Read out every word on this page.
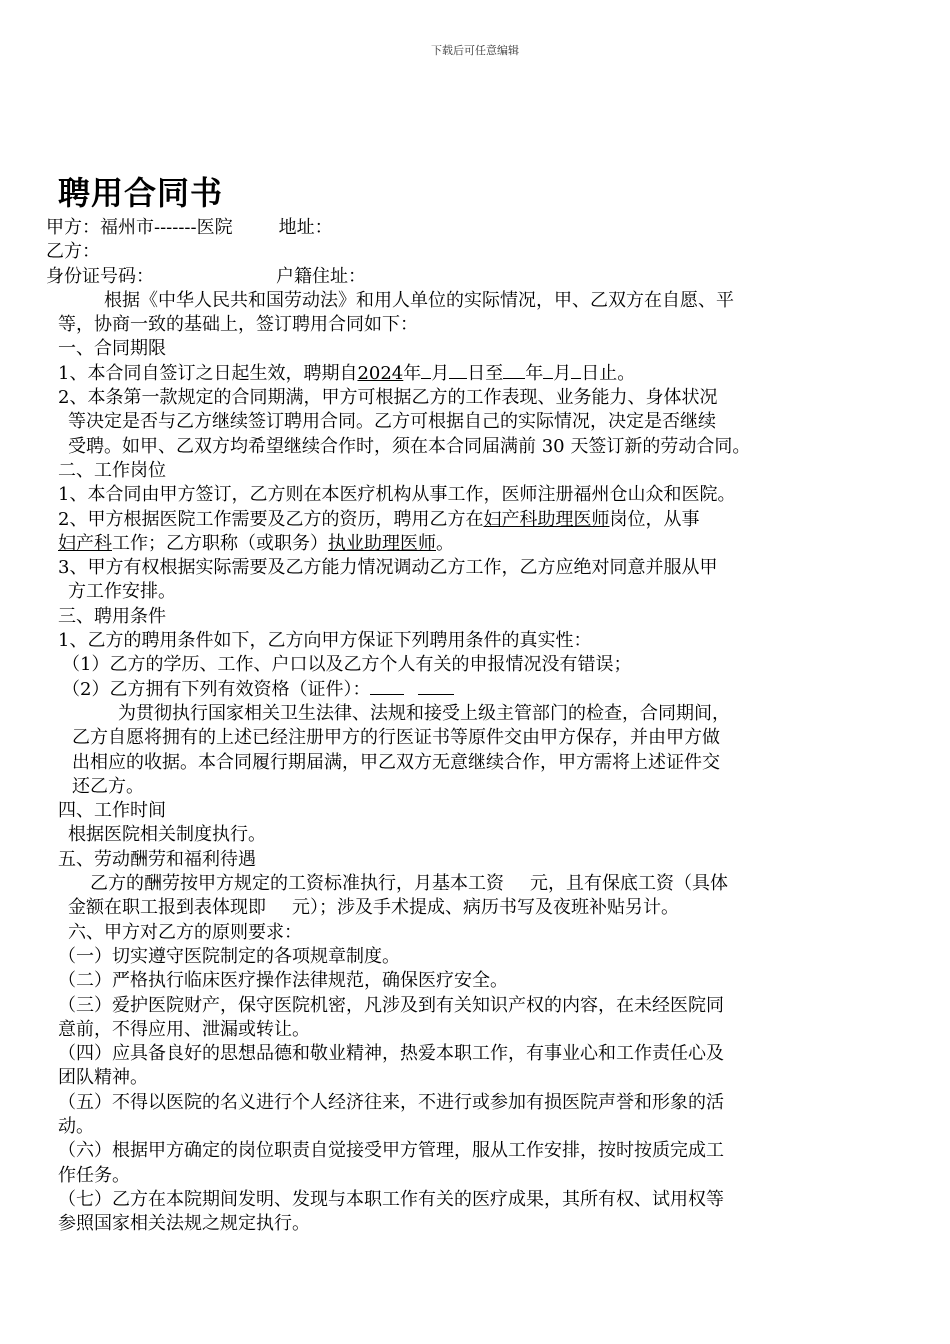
下载后可任意编辑
聘用合同书

甲方：福州市-------医院	地址：

乙方：

身份证号码：	户籍住址：

根据《中华人民共和国劳动法》和用人单位的实际情况，甲、乙双方在自愿、平

等，协商一致的基础上，签订聘用合同如下：

一、合同期限

1、本合同自签订之日起生效，聘期自2024年 月 日至 年 月 日止。

2、本条第一款规定的合同期满，甲方可根据乙方的工作表现、业务能力、身体状况

等决定是否与乙方继续签订聘用合同。乙方可根据自己的实际情况，决定是否继续

受聘。如甲、乙双方均希望继续合作时，须在本合同届满前 30 天签订新的劳动合同。

二、工作岗位

1、本合同由甲方签订，乙方则在本医疗机构从事工作，医师注册福州仓山众和医院。

2、甲方根据医院工作需要及乙方的资历，聘用乙方在妇产科助理医师岗位，从事

妇产科工作；乙方职称（或职务）执业助理医师。

3、甲方有权根据实际需要及乙方能力情况调动乙方工作，乙方应绝对同意并服从甲

方工作安排。

三、聘用条件

1、乙方的聘用条件如下，乙方向甲方保证下列聘用条件的真实性：

（1）乙方的学历、工作、户口以及乙方个人有关的申报情况没有错误；

（2）乙方拥有下列有效资格（证件）：

为贯彻执行国家相关卫生法律、法规和接受上级主管部门的检查，合同期间，

乙方自愿将拥有的上述已经注册甲方的行医证书等原件交由甲方保存，并由甲方做

出相应的收据。本合同履行期届满，甲乙双方无意继续合作，甲方需将上述证件交

还乙方。

四、工作时间

根据医院相关制度执行。

五、劳动酬劳和福利待遇

乙方的酬劳按甲方规定的工资标准执行，月基本工资 元，且有保底工资（具体

金额在职工报到表体现即 元）；涉及手术提成、病历书写及夜班补贴另计。

六、甲方对乙方的原则要求：

（一）切实遵守医院制定的各项规章制度。

（二）严格执行临床医疗操作法律规范，确保医疗安全。

（三）爱护医院财产，保守医院机密，凡涉及到有关知识产权的内容，在未经医院同

意前，不得应用、泄漏或转让。

（四）应具备良好的思想品德和敬业精神，热爱本职工作，有事业心和工作责任心及

团队精神。

（五）不得以医院的名义进行个人经济往来，不进行或参加有损医院声誉和形象的活

动。

（六）根据甲方确定的岗位职责自觉接受甲方管理，服从工作安排，按时按质完成工

作任务。

（七）乙方在本院期间发明、发现与本职工作有关的医疗成果，其所有权、试用权等

参照国家相关法规之规定执行。
